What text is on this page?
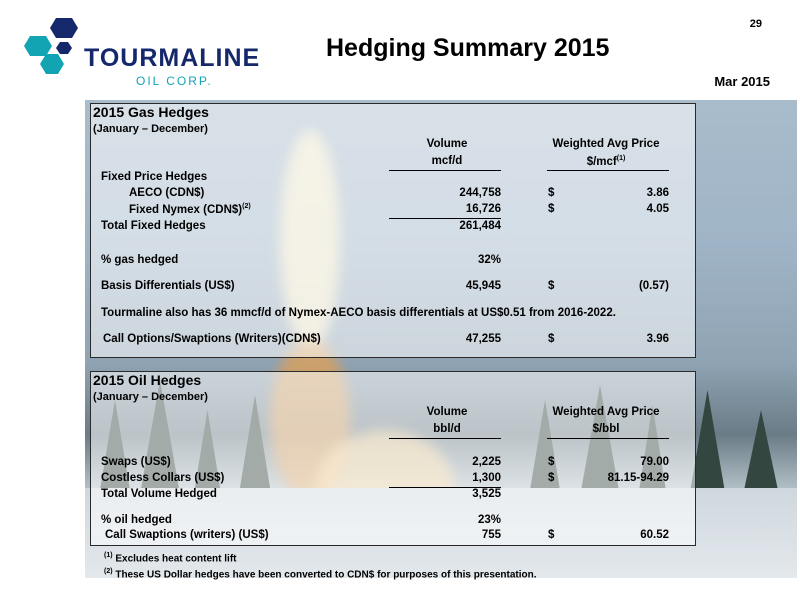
TOURMALINE
OIL CORP.
Hedging Summary 2015
29
Mar 2015
2015 Gas Hedges
(January – December)
Volume
mcf/d
Weighted Avg Price
$/mcf$^{(1)}$
Fixed Price Hedges
AECO (CDN$)	244,758	$	3.86
Fixed Nymex (CDN$)$^{(2)}$	16,726	$	4.05
Total Fixed Hedges	261,484
% gas hedged	32%
Basis Differentials (US$)	45,945	$	(0.57)
Tourmaline also has 36 mmcf/d of Nymex-AECO basis differentials at US$0.51 from 2016-2022.
Call Options/Swaptions (Writers)(CDN$)	47,255	$	3.96
2015 Oil Hedges
(January – December)
Volume
bbl/d
Weighted Avg Price
$/bbl
Swaps (US$)	2,225	$	79.00
Costless Collars (US$)	1,300	$	81.15-94.29
Total Volume Hedged	3,525
% oil hedged	23%
Call Swaptions (writers) (US$)	755	$	60.52
$^{(1)}$ Excludes heat content lift
$^{(2)}$ These US Dollar hedges have been converted to CDN$ for purposes of this presentation.
